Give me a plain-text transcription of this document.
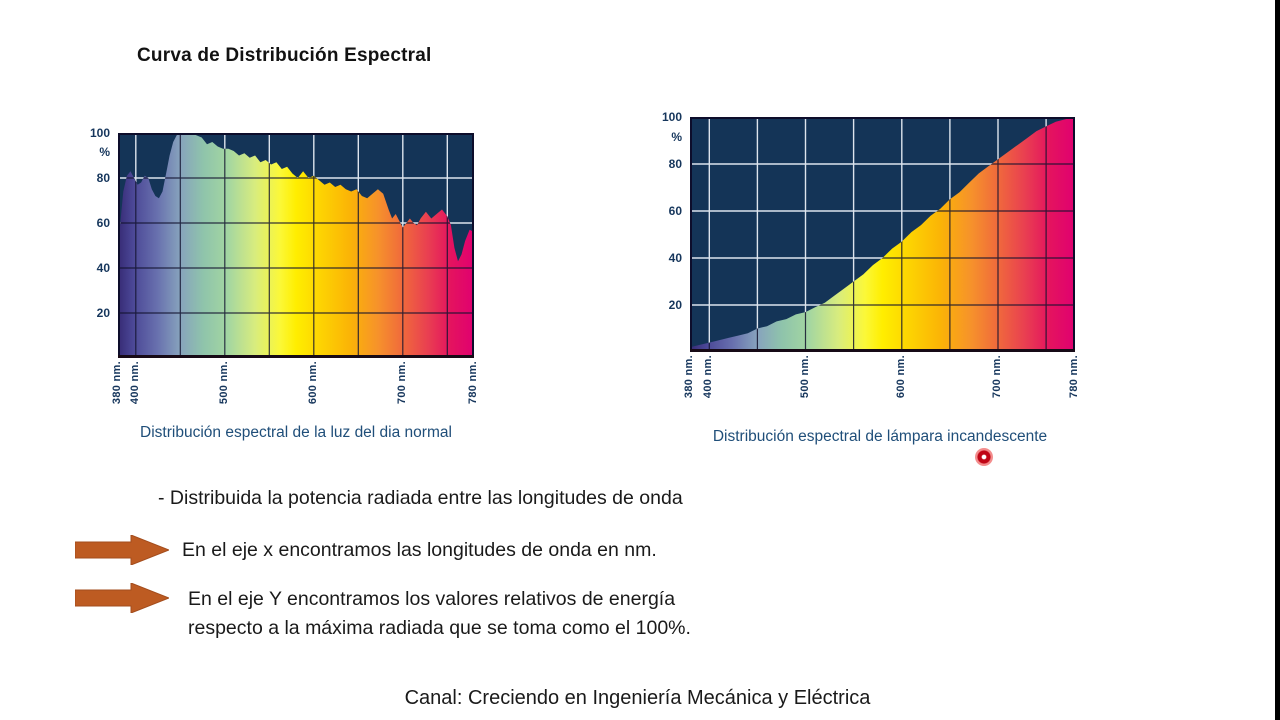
Curva de Distribución Espectral
Distribución espectral de la luz del dia normal	Distribución espectral de lámpara incandescente

- Distribuida la potencia radiada entre las longitudes de onda

En el eje x encontramos las longitudes de onda en nm.

En el eje Y encontramos los valores relativos de energía
respecto a la máxima radiada que se toma como el 100%.

Canal: Creciendo en Ingeniería Mecánica y Eléctrica

100
80
60
40
20
%
380 nm. 400 nm.	500 nm.	600 nm.	700 nm.	780 nm.
100
80
60
40
20
%
380 nm. 400 nm.	500 nm.	600 nm.	700 nm.	780 nm.
